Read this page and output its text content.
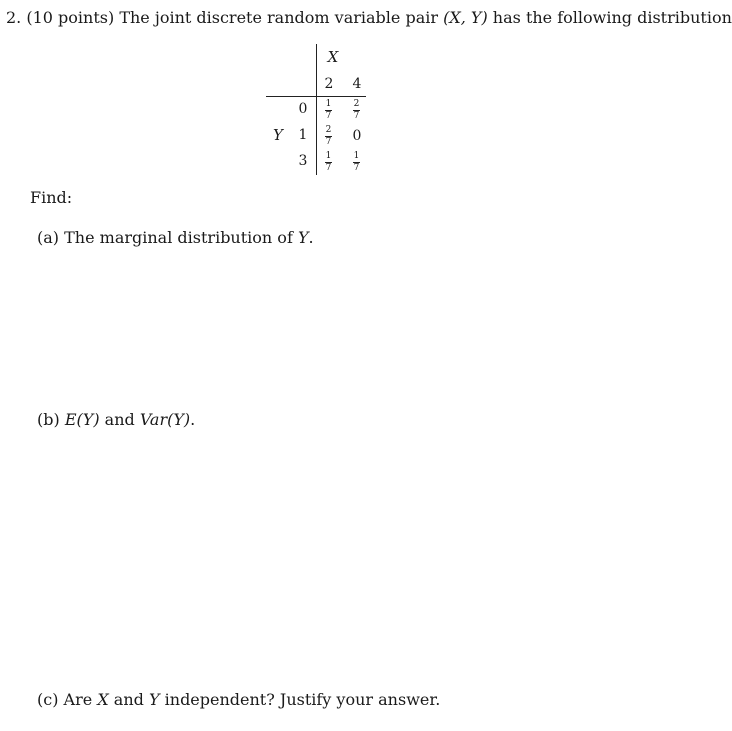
2. (10 points) The joint discrete random variable pair (X, Y) has the following distribution
X
2 4
Y
0
1
3
1
7
2
7
2
7 0
1
7
1
7
Find:
(a) The marginal distribution of Y.
(b) E(Y) and Var(Y).
(c) Are X and Y independent? Justify your answer.
